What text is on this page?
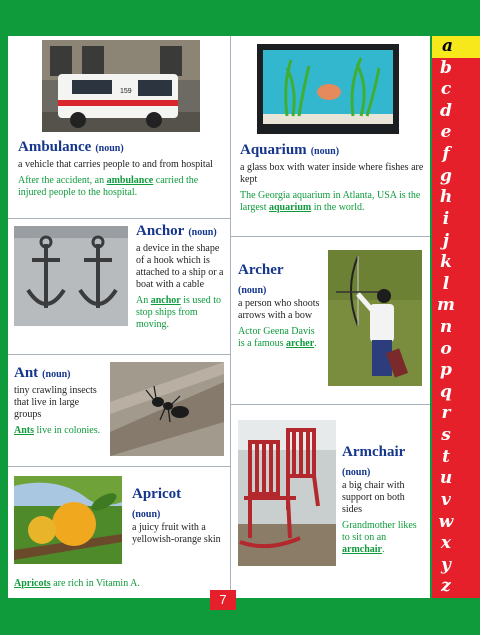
159
Ambulance (noun)
a vehicle that carries people to and from hospital
After the accident, an ambulance carried the injured people to the hospital.
Aquarium (noun)
a glass box with water inside where fishes are kept
The Georgia aquarium in Atlanta, USA is the largest aquarium in the world.
Anchor (noun)
a device in the shape of a hook which is attached to a ship or a boat with a cable
An anchor is used to stop ships from moving.
Archer
(noun)
a person who shoots arrows with a bow
Actor Geena Davis is a famous archer.
Ant (noun)
tiny crawling insects that live in large groups
Ants live in colonies.
Armchair
(noun)
a big chair with support on both sides
Grandmother likes to sit on an armchair.
Apricot
(noun)
a juicy fruit with a yellowish-orange skin
Apricots are rich in Vitamin A.
a
b
c
d
e
f
g
h
i
j
k
l
m
n
o
p
q
r
s
t
u
v
w
x
y
z
7
